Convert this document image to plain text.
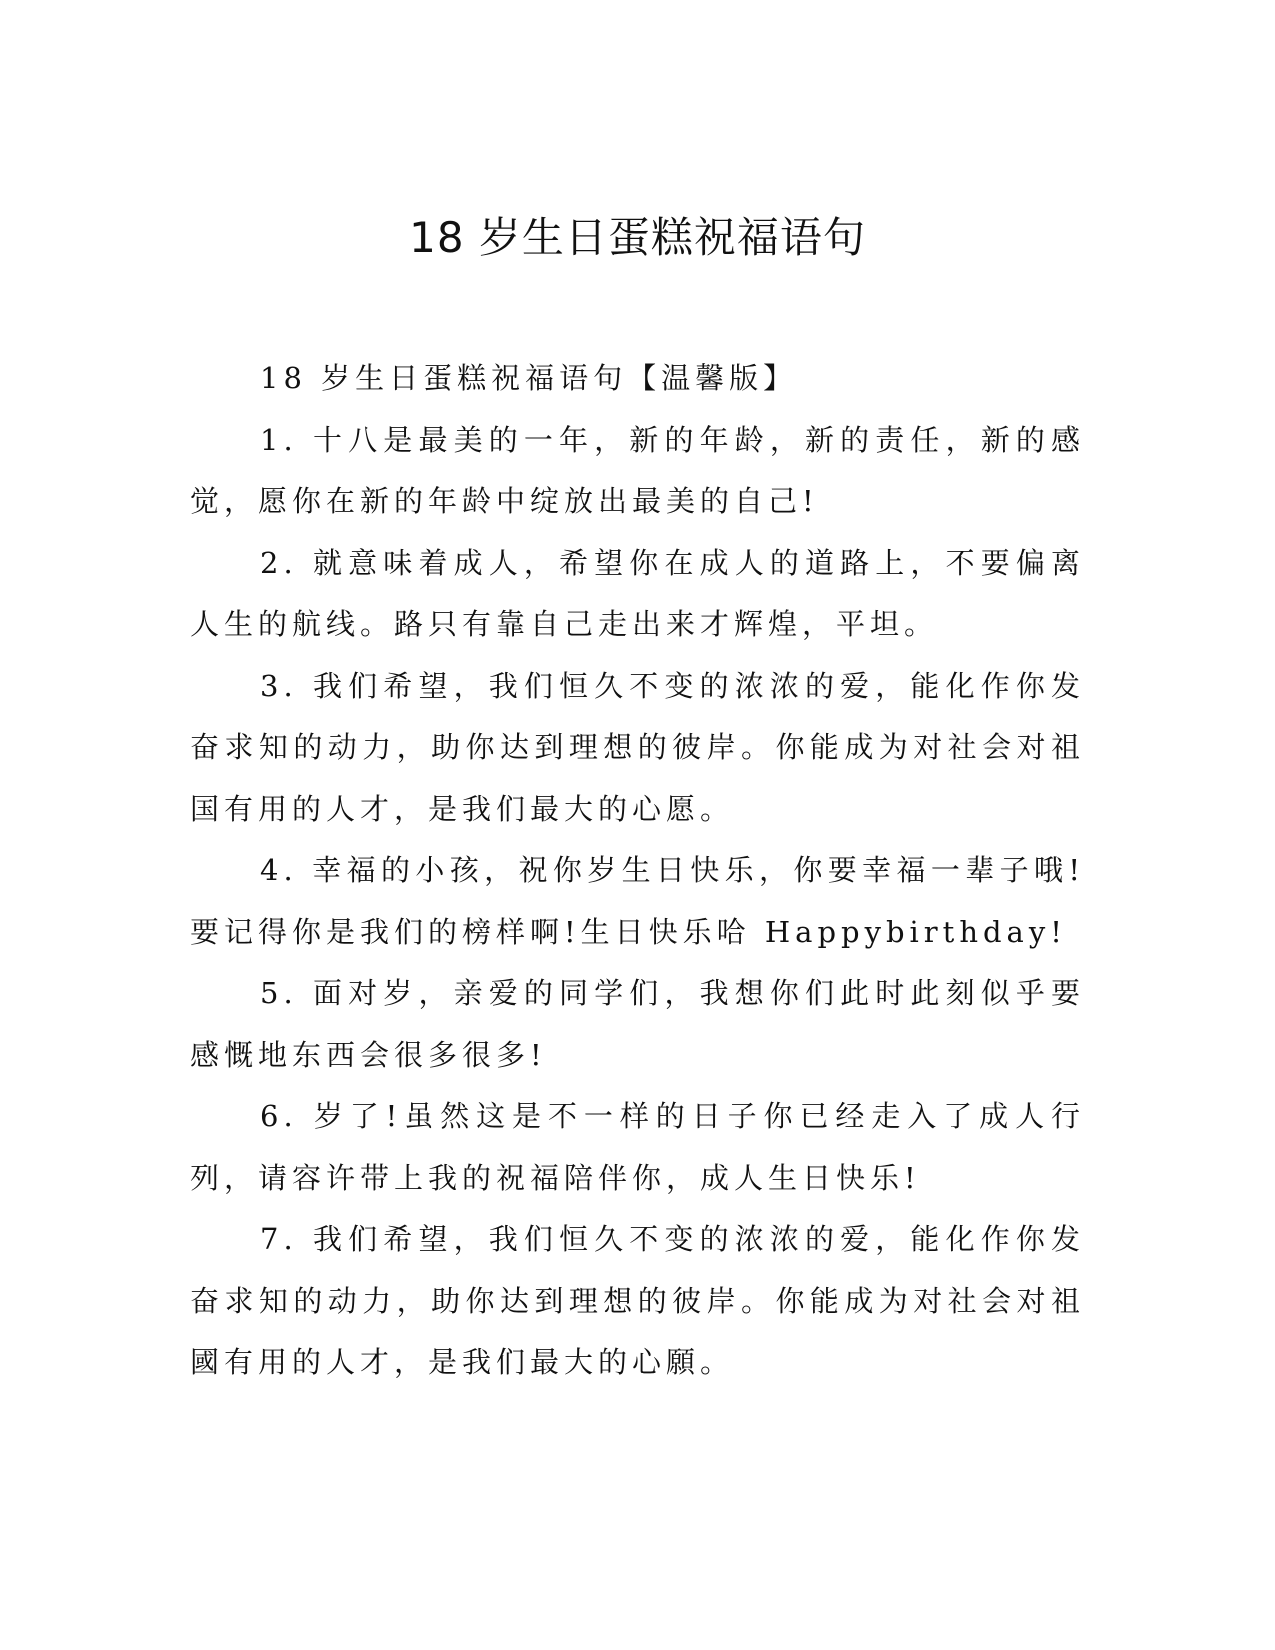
18 岁生日蛋糕祝福语句

18 岁生日蛋糕祝福语句【温馨版】

1. 十八是最美的一年，新的年龄，新的责任，新的感觉，愿你在新的年龄中绽放出最美的自己!

2. 就意味着成人，希望你在成人的道路上，不要偏离人生的航线。路只有靠自己走出来才辉煌，平坦。

3. 我们希望，我们恒久不变的浓浓的爱，能化作你发奋求知的动力，助你达到理想的彼岸。你能成为对社会对祖国有用的人才，是我们最大的心愿。

4. 幸福的小孩，祝你岁生日快乐，你要幸福一辈子哦!要记得你是我们的榜样啊!生日快乐哈 Happybirthday!

5. 面对岁，亲爱的同学们，我想你们此时此刻似乎要感慨地东西会很多很多!

6. 岁了!虽然这是不一样的日子你已经走入了成人行列，请容许带上我的祝福陪伴你，成人生日快乐!

7. 我们希望，我们恒久不变的浓浓的爱，能化作你发奋求知的动力，助你达到理想的彼岸。你能成为对社会对祖國有用的人才，是我们最大的心願。
